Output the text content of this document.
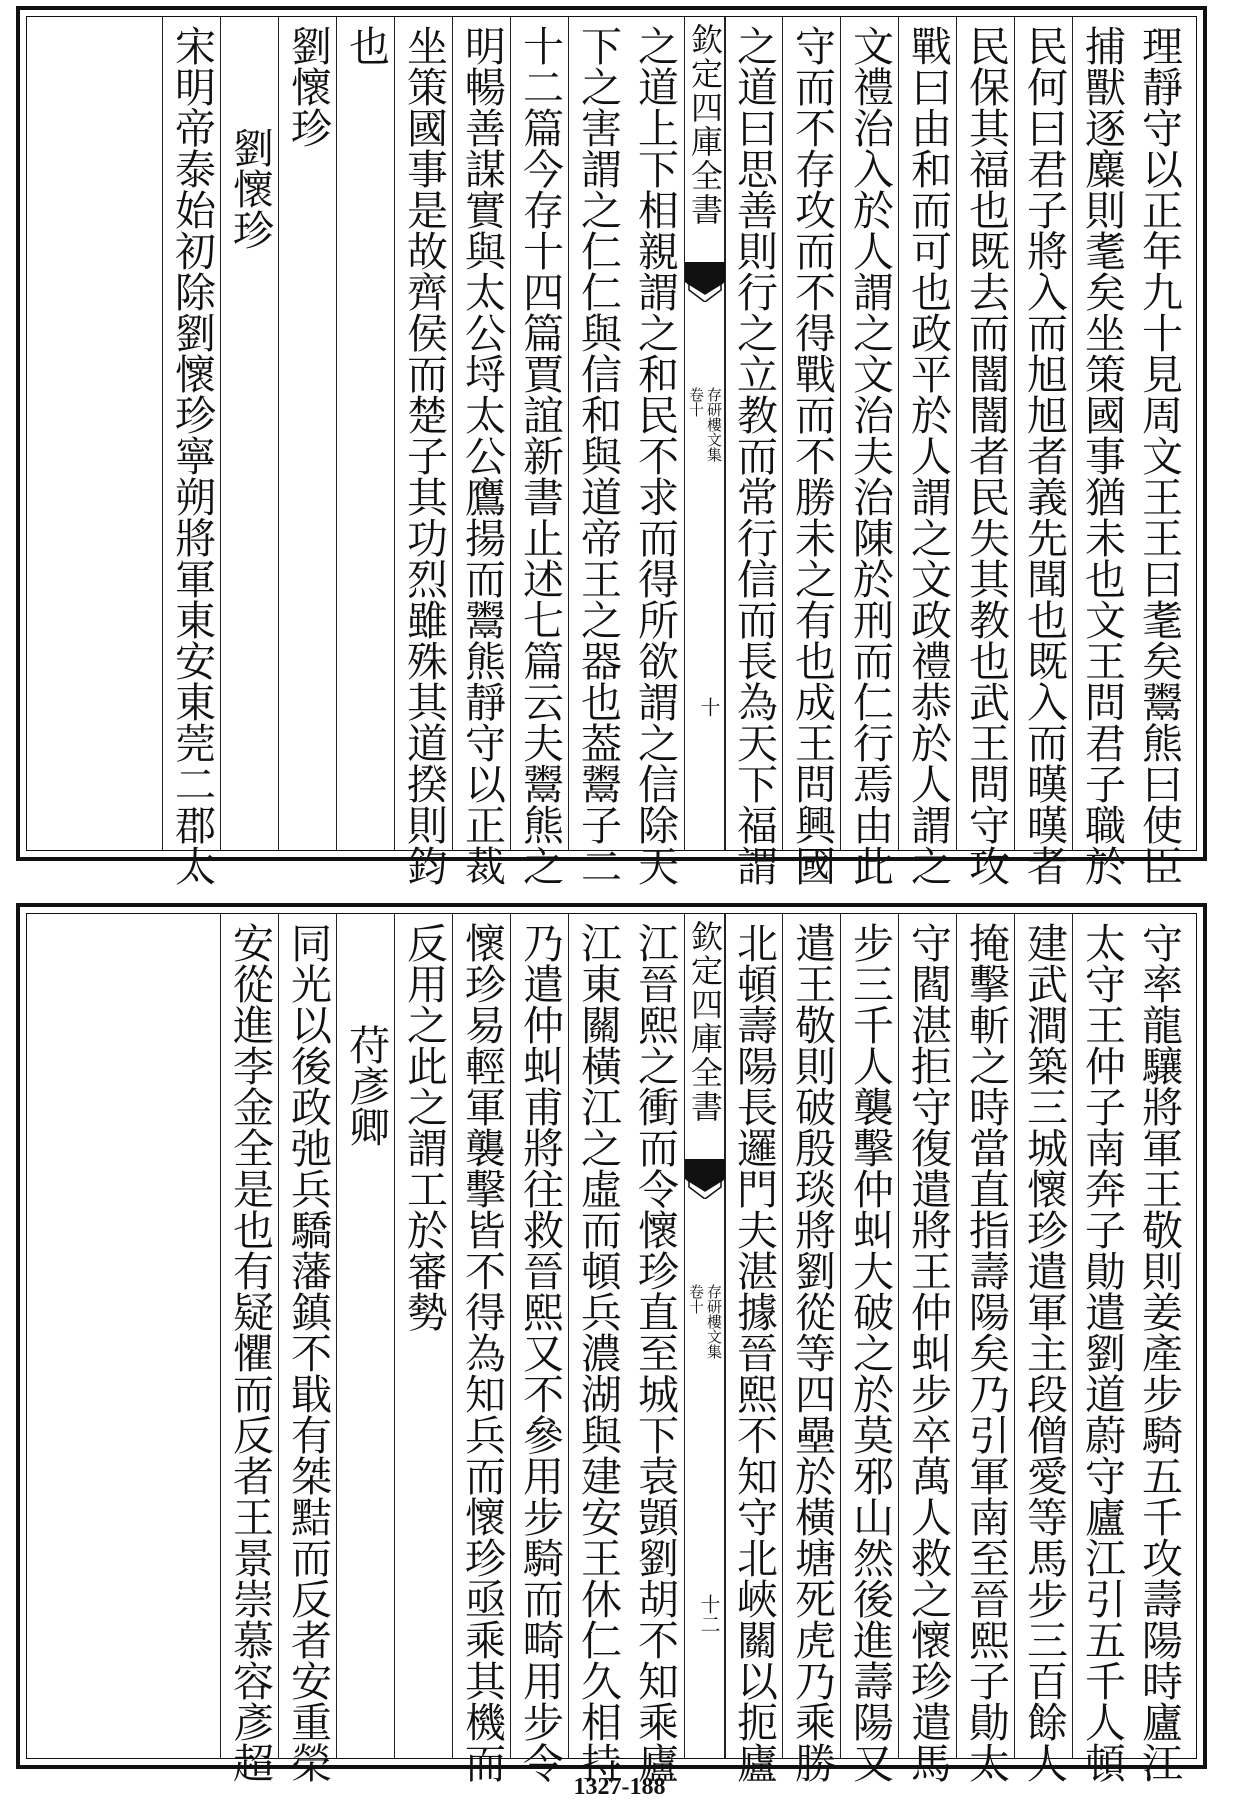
理靜守以正年九十見周文王王曰耄矣鬻熊曰使臣
捕獸逐麋則耄矣坐策國事猶未也文王問君子職於
民何曰君子將入而旭旭者義先聞也既入而暵暵者
民保其福也既去而闇闇者民失其教也武王問守攻
戰曰由和而可也政平於人謂之文政禮恭於人謂之
文禮治入於人謂之文治夫治陳於刑而仁行焉由此
守而不存攻而不得戰而不勝未之有也成王問興國
之道曰思善則行之立教而常行信而長為天下福謂
欽定四庫全書
存研樓文集
卷十
十
之道上下相親謂之和民不求而得所欲謂之信除天
下之害謂之仁仁與信和與道帝王之器也葢鬻子二
十二篇今存十四篇賈誼新書止述七篇云夫鬻熊之
明暢善謀實與太公埒太公鷹揚而鬻熊靜守以正裁
坐策國事是故齊侯而楚子其功烈雖殊其道揆則鈞
也
劉懷珍
劉懷珍
宋明帝泰始初除劉懷珍寧朔將軍東安東莞二郡太
守率龍驤將軍王敬則姜產步騎五千攻壽陽時廬江
太守王仲子南奔子勛遣劉道蔚守廬江引五千人頓
建武澗築三城懷珍遣軍主段僧愛等馬步三百餘人
掩擊斬之時當直指壽陽矣乃引軍南至晉熙子勛太
守閻湛拒守復遣將王仲虯步卒萬人救之懷珍遣馬
步三千人襲擊仲虯大破之於莫邪山然後進壽陽又
遣王敬則破殷琰將劉從等四壘於橫塘死虎乃乘勝
北頓壽陽長邏門夫湛據晉熙不知守北峽關以扼廬
欽定四庫全書
存研樓文集
卷十
十二
江晉熙之衝而令懷珍直至城下袁顗劉胡不知乘廬
江東關橫江之虛而頓兵濃湖與建安王休仁久相持
乃遣仲虯甫將往救晉熙又不參用步騎而畸用步令
懷珍易輕軍襲擊皆不得為知兵而懷珍亟乘其機而
反用之此之謂工於審勢
苻彥卿
同光以後政弛兵驕藩鎮不戢有桀黠而反者安重榮
安從進李金全是也有疑懼而反者王景崇慕容彥超
1327-188
